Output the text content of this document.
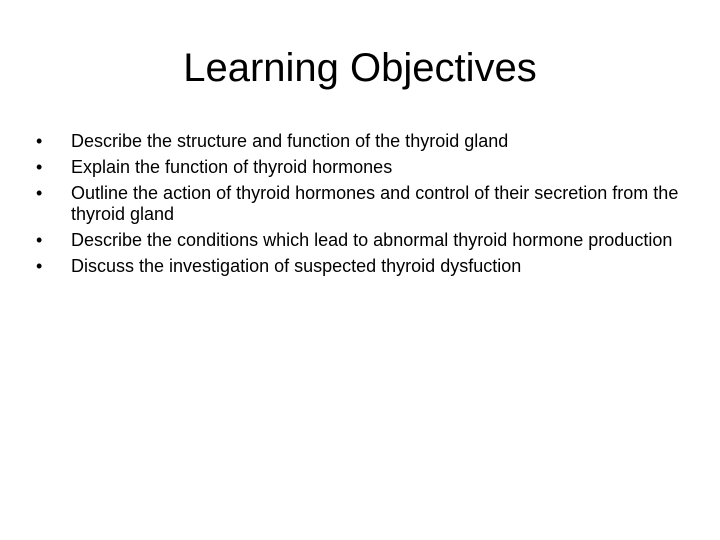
Learning Objectives
•	Describe the structure and function of the thyroid gland
•	Explain the function of thyroid hormones
•	Outline the action of thyroid hormones and control of their secretion from the thyroid gland
•	Describe the conditions which lead to abnormal thyroid hormone production
•	Discuss the investigation of suspected thyroid dysfuction
